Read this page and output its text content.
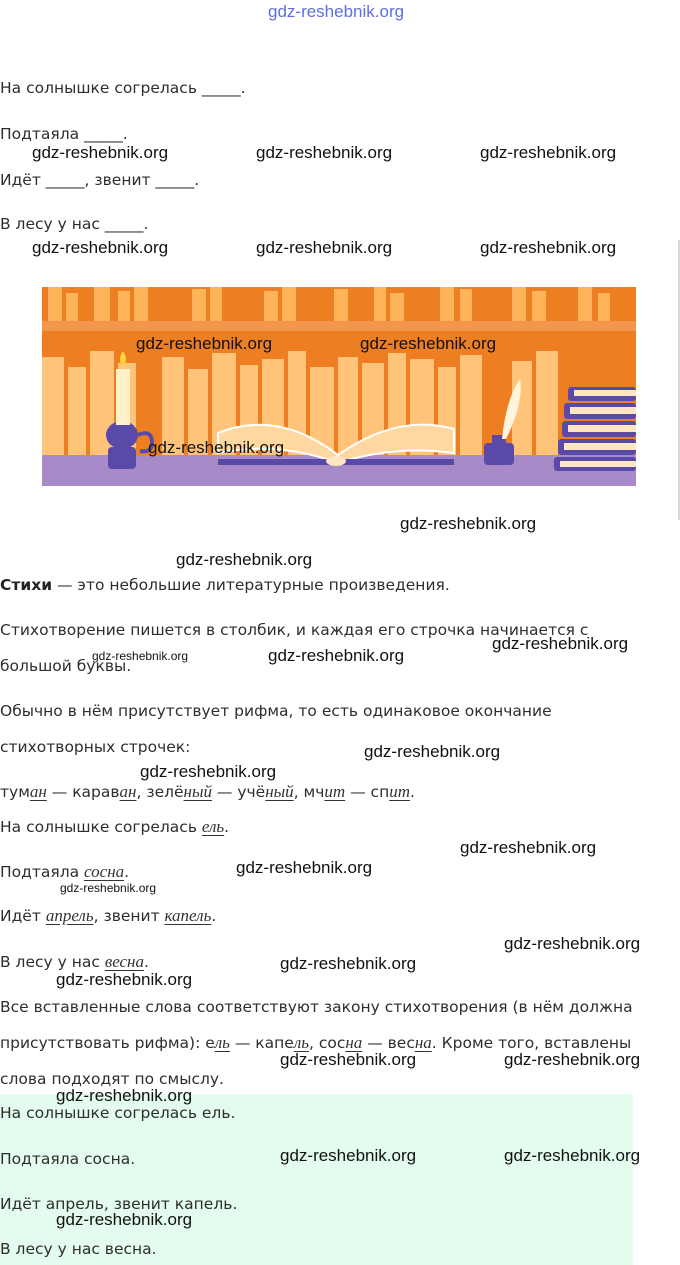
gdz-reshebnik.org
На солнышке согрелась _____.
Подтаяла _____.
Идёт _____, звенит _____.
В лесу у нас _____.
gdz-reshebnik.org	gdz-reshebnik.org	gdz-reshebnik.org
gdz-reshebnik.org	gdz-reshebnik.org	gdz-reshebnik.org
gdz-reshebnik.org	gdz-reshebnik.org
gdz-reshebnik.org
gdz-reshebnik.org
gdz-reshebnik.org
Стихи — это небольшие литературные произведения.
Стихотворение пишется в столбик, и каждая его строчка начинается с
большой буквы.
gdz-reshebnik.org	gdz-reshebnik.org
gdz-reshebnik.org
Обычно в нём присутствует рифма, то есть одинаковое окончание
стихотворных строчек:	gdz-reshebnik.org
gdz-reshebnik.org
туман — караван, зелёный — учёный, мчит — спит.
На солнышке согрелась ель.
gdz-reshebnik.org
Подтаяла сосна.	gdz-reshebnik.org
gdz-reshebnik.org
Идёт апрель, звенит капель.
gdz-reshebnik.org
В лесу у нас весна.
gdz-reshebnik.org
gdz-reshebnik.org
Все вставленные слова соответствуют закону стихотворения (в нём должна
присутствовать рифма): ель — капель, сосна — весна. Кроме того, вставлены
gdz-reshebnik.org	gdz-reshebnik.org
слова подходят по смыслу.
gdz-reshebnik.org
На солнышке согрелась ель.
Подтаяла сосна.	gdz-reshebnik.org	gdz-reshebnik.org
Идёт апрель, звенит капель.
gdz-reshebnik.org
В лесу у нас весна.
